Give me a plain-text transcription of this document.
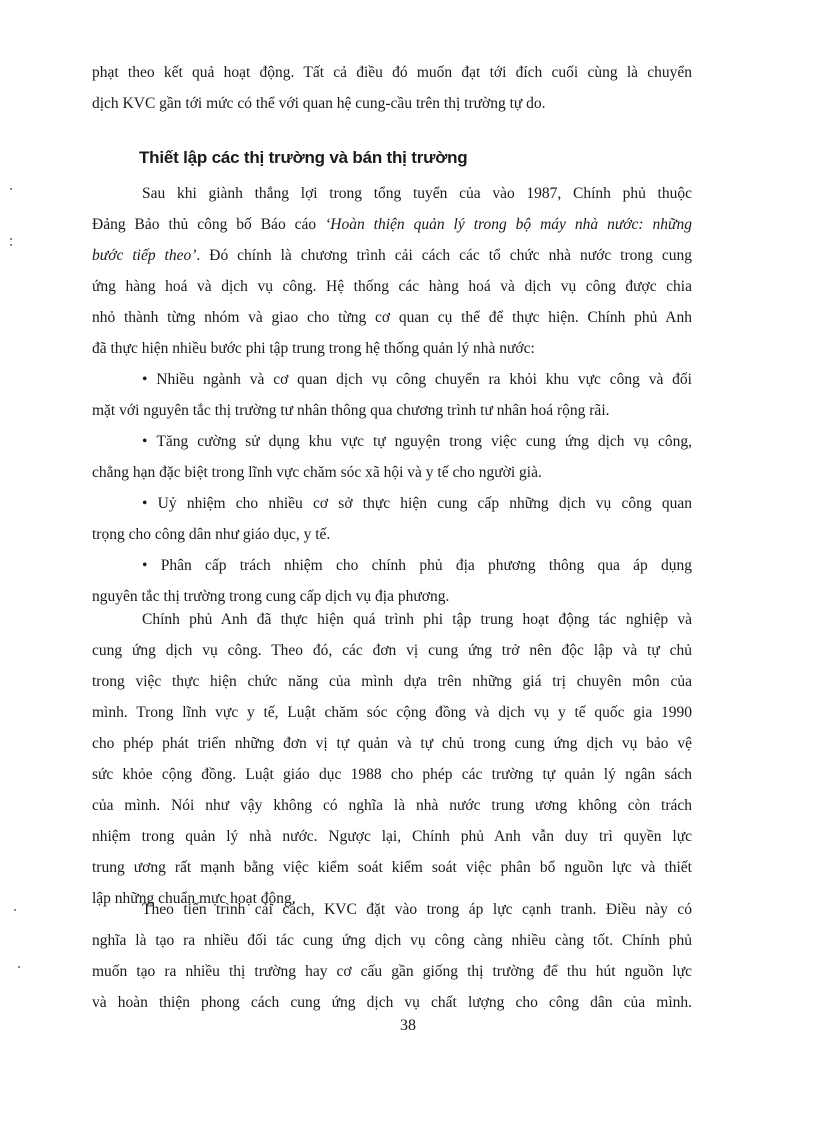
phạt theo kết quả hoạt động. Tất cả điều đó muốn đạt tới đích cuối cùng là chuyển
dịch KVC gần tới mức có thể với quan hệ cung-cầu trên thị trường tự do.
Thiết lập các thị trường và bán thị trường
Sau khi giành thắng lợi trong tổng tuyển của vào 1987, Chính phủ thuộc
Đảng Bảo thủ công bố Báo cáo ‘Hoàn thiện quản lý trong bộ máy nhà nước: những
bước tiếp theo’. Đó chính là chương trình cải cách các tổ chức nhà nước trong cung
ứng hàng hoá và dịch vụ công. Hệ thống các hàng hoá và dịch vụ công được chia
nhỏ thành từng nhóm và giao cho từng cơ quan cụ thể để thực hiện. Chính phủ Anh
đã thực hiện nhiều bước phi tập trung trong hệ thống quản lý nhà nước:
• Nhiều ngành và cơ quan dịch vụ công chuyển ra khỏi khu vực công và đối
mặt với nguyên tắc thị trường tư nhân thông qua chương trình tư nhân hoá rộng rãi.
• Tăng cường sử dụng khu vực tự nguyện trong việc cung ứng dịch vụ công,
chẳng hạn đặc biệt trong lĩnh vực chăm sóc xã hội và y tế cho người già.
• Uỷ nhiệm cho nhiều cơ sở thực hiện cung cấp những dịch vụ công quan
trọng cho công dân như giáo dục, y tế.
• Phân cấp trách nhiệm cho chính phủ địa phương thông qua áp dụng
nguyên tắc thị trường trong cung cấp dịch vụ địa phương.
Chính phủ Anh đã thực hiện quá trình phi tập trung hoạt động tác nghiệp và
cung ứng dịch vụ công. Theo đó, các đơn vị cung ứng trở nên độc lập và tự chủ
trong việc thực hiện chức năng của mình dựa trên những giá trị chuyên môn của
mình. Trong lĩnh vực y tế, Luật chăm sóc cộng đồng và dịch vụ y tế quốc gia 1990
cho phép phát triển những đơn vị tự quản và tự chủ trong cung ứng dịch vụ bảo vệ
sức khỏe cộng đồng. Luật giáo dục 1988 cho phép các trường tự quản lý ngân sách
của mình. Nói như vậy không có nghĩa là nhà nước trung ương không còn trách
nhiệm trong quản lý nhà nước. Ngược lại, Chính phủ Anh vẫn duy trì quyền lực
trung ương rất mạnh bằng việc kiểm soát kiểm soát việc phân bổ nguồn lực và thiết
lập những chuẩn mực hoạt động.
Theo tiến trình cải cách, KVC đặt vào trong áp lực cạnh tranh. Điều này có
nghĩa là tạo ra nhiều đối tác cung ứng dịch vụ công càng nhiều càng tốt. Chính phủ
muốn tạo ra nhiều thị trường hay cơ cấu gần giống thị trường để thu hút nguồn lực
và hoàn thiện phong cách cung ứng dịch vụ chất lượng cho công dân của mình.
38
